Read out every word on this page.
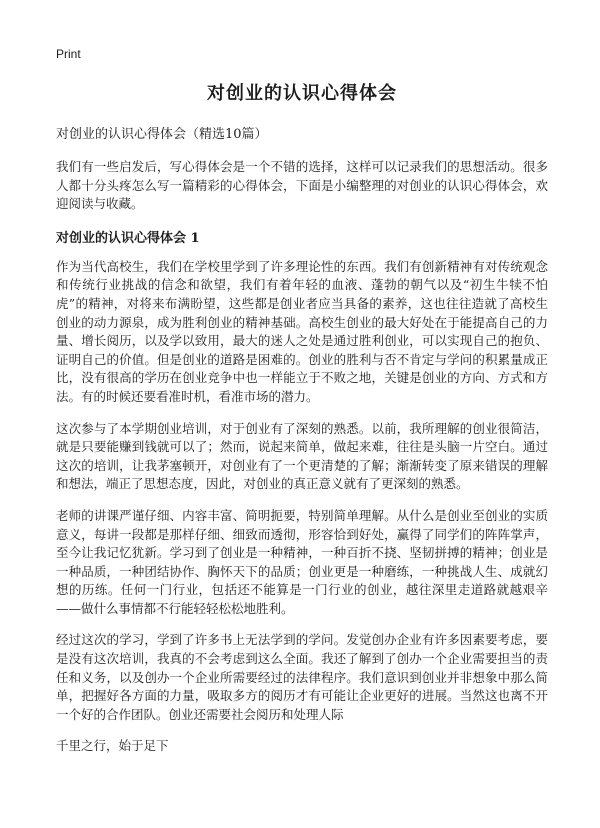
Print
对创业的认识心得体会
对创业的认识心得体会（精选10篇）

我们有一些启发后，写心得体会是一个不错的选择，这样可以记录我们的思想活动。很多人都十分头疼怎么写一篇精彩的心得体会，下面是小编整理的对创业的认识心得体会，欢迎阅读与收藏。

对创业的认识心得体会 1

作为当代高校生，我们在学校里学到了许多理论性的东西。我们有创新精神有对传统观念和传统行业挑战的信念和欲望，我们有着年轻的血液、蓬勃的朝气以及“初生牛犊不怕虎”的精神，对将来布满盼望，这些都是创业者应当具备的素养，这也往往造就了高校生创业的动力源泉，成为胜利创业的精神基础。高校生创业的最大好处在于能提高自己的力量、增长阅历，以及学以致用，最大的迷人之处是通过胜利创业，可以实现自己的抱负、证明自己的价值。但是创业的道路是困难的。创业的胜利与否不肯定与学问的积累量成正比，没有很高的学历在创业竞争中也一样能立于不败之地，关键是创业的方向、方式和方法。有的时候还要看准时机，看准市场的潜力。

这次参与了本学期创业培训，对于创业有了深刻的熟悉。以前，我所理解的创业很简洁，就是只要能赚到钱就可以了；然而，说起来简单，做起来难，往往是头脑一片空白。通过这次的培训，让我茅塞顿开，对创业有了一个更清楚的了解；渐渐转变了原来错误的理解和想法，端正了思想态度，因此，对创业的真正意义就有了更深刻的熟悉。

老师的讲课严谨仔细、内容丰富、简明扼要，特别简单理解。从什么是创业至创业的实质意义，每讲一段都是那样仔细、细致而透彻，形容恰到好处，赢得了同学们的阵阵掌声，至今让我记忆犹新。学习到了创业是一种精神，一种百折不挠、坚韧拼搏的精神；创业是一种品质，一种团结协作、胸怀天下的品质；创业更是一种磨练，一种挑战人生、成就幻想的历练。任何一门行业，包括还不能算是一门行业的创业，越往深里走道路就越艰辛——做什么事情都不行能轻轻松松地胜利。

经过这次的学习，学到了许多书上无法学到的学问。发觉创办企业有许多因素要考虑，要是没有这次培训，我真的不会考虑到这么全面。我还了解到了创办一个企业需要担当的责任和义务，以及创办一个企业所需要经过的法律程序。我们意识到创业并非想象中那么简单，把握好各方面的力量，吸取多方的阅历才有可能让企业更好的进展。当然这也离不开一个好的合作团队。创业还需要社会阅历和处理人际

千里之行，始于足下
